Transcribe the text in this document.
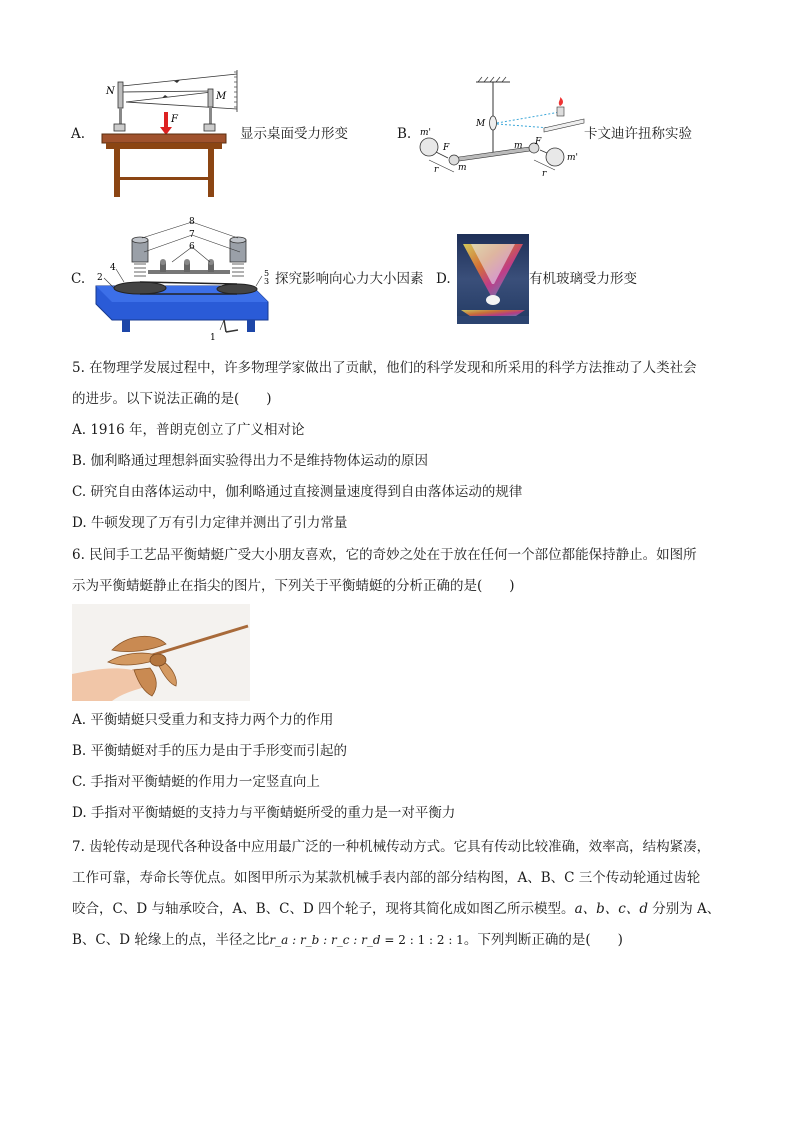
A.
N	M
F
显示桌面受力形变	B. m'
F
m
r
M
m F
m'
r
卡文迪许扭称实验
C.
8
7
6
4
2	5
3
1
探究影响向心力大小因素 D.	有机玻璃受力形变
5. 在物理学发展过程中，许多物理学家做出了贡献，他们的科学发现和所采用的科学方法推动了人类社会
的进步。以下说法正确的是(　　)
A. 1916 年，普朗克创立了广义相对论
B. 伽利略通过理想斜面实验得出力不是维持物体运动的原因
C. 研究自由落体运动中，伽利略通过直接测量速度得到自由落体运动的规律
D. 牛顿发现了万有引力定律并测出了引力常量
6. 民间手工艺品平衡蜻蜓广受大小朋友喜欢，它的奇妙之处在于放在任何一个部位都能保持静止。如图所
示为平衡蜻蜓静止在指尖的图片，下列关于平衡蜻蜓的分析正确的是(　　)
A. 平衡蜻蜓只受重力和支持力两个力的作用
B. 平衡蜻蜓对手的压力是由于手形变而引起的
C. 手指对平衡蜻蜓的作用力一定竖直向上
D. 手指对平衡蜻蜓的支持力与平衡蜻蜓所受的重力是一对平衡力
7. 齿轮传动是现代各种设备中应用最广泛的一种机械传动方式。它具有传动比较准确，效率高，结构紧凑，
工作可靠，寿命长等优点。如图甲所示为某款机械手表内部的部分结构图，A、B、C 三个传动轮通过齿轮
咬合，C、D 与轴承咬合，A、B、C、D 四个轮子，现将其简化成如图乙所示模型。a、b、c、d 分别为 A、
B、C、D 轮缘上的点，半径之比r_a : r_b : r_c : r_d = 2 : 1 : 2 : 1。下列判断正确的是(　　)
